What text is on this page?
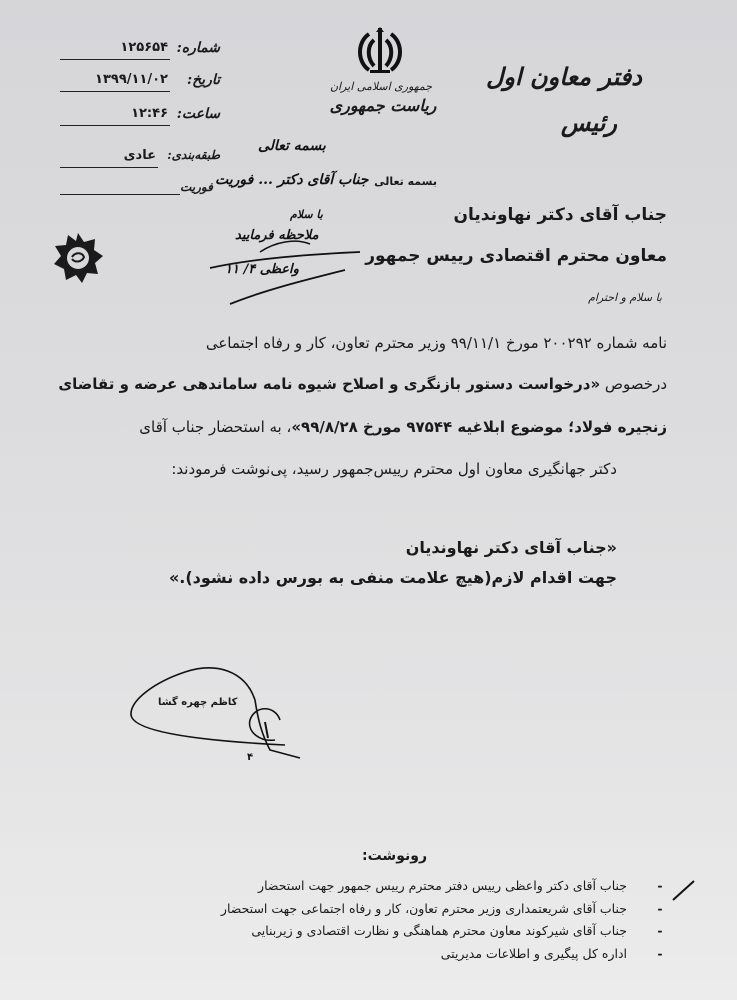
شماره:
۱۲۵۶۵۴
تاریخ:
۱۳۹۹/۱۱/۰۲
ساعت:
۱۲:۴۶
طبقه‌بندی:
عادی
فوریت
جمهوری اسلامی ایران
ریاست جمهوری
دفتر معاون اول
رئیس
بسمه تعالی
بسمه تعالی
جناب آقای دکتر ... فوریت
با سلام
ملاحظه فرمایید
واعظی ۴/ ۱۱
جناب آقای دکتر نهاوندیان
معاون محترم اقتصادی رییس جمهور
با سلام و احترام
نامه شماره ۲۰۰۲۹۲ مورخ ۹۹/۱۱/۱ وزیر محترم تعاون، کار و رفاه اجتماعی
درخصوص «درخواست دستور بازنگری و اصلاح شیوه نامه ساماندهی عرضه و تقاضای
زنجیره فولاد؛ موضوع ابلاغیه ۹۷۵۴۴ مورخ ۹۹/۸/۲۸»، به استحضار جناب آقای
دکتر جهانگیری معاون اول محترم رییس‌جمهور رسید، پی‌نوشت فرمودند:
«جناب آقای دکتر نهاوندیان
جهت اقدام لازم(هیچ علامت منفی به بورس داده نشود).»
۴
کاظم چهره گشا
رونوشت:
-
جناب آقای دکتر واعظی رییس دفتر محترم رییس جمهور جهت استحضار
-
جناب آقای شریعتمداری وزیر محترم تعاون، کار و رفاه اجتماعی جهت استحضار
-
جناب آقای شیرکوند معاون محترم هماهنگی و نظارت اقتصادی و زیربنایی
-
اداره کل پیگیری و اطلاعات مدیریتی
